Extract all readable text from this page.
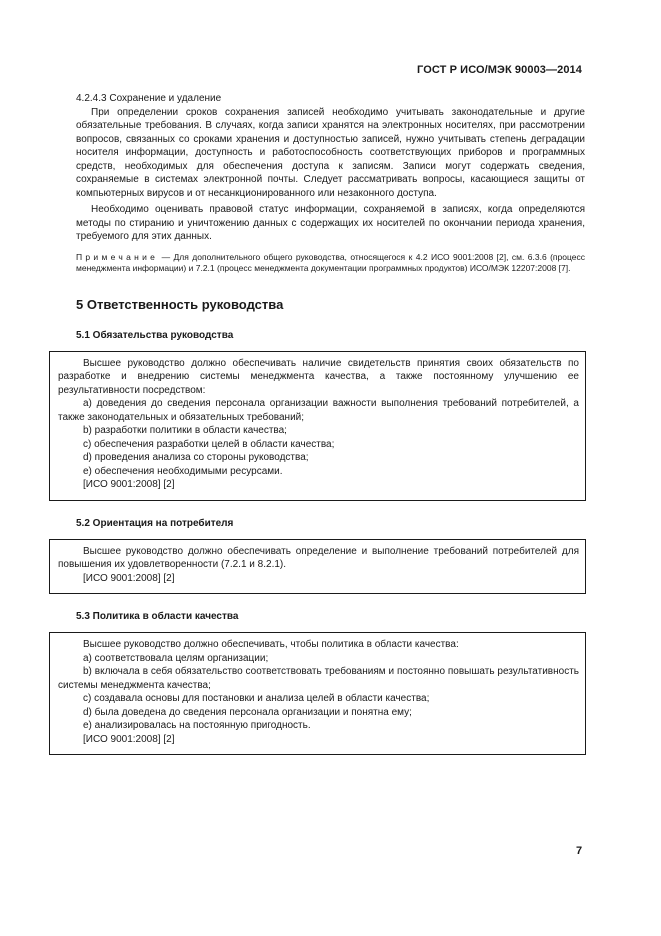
ГОСТ Р ИСО/МЭК 90003—2014

4.2.4.3 Сохранение и удаление

При определении сроков сохранения записей необходимо учитывать законодательные и другие обязательные требования. В случаях, когда записи хранятся на электронных носителях, при рассмотрении вопросов, связанных со сроками хранения и доступностью записей, нужно учитывать степень деградации носителя информации, доступность и работоспособность соответствующих приборов и программных средств, необходимых для обеспечения доступа к записям. Записи могут содержать сведения, сохраняемые в системах электронной почты. Следует рассматривать вопросы, касающиеся защиты от компьютерных вирусов и от несанкционированного или незаконного доступа.

Необходимо оценивать правовой статус информации, сохраняемой в записях, когда определяются методы по стиранию и уничтожению данных с содержащих их носителей по окончании периода хранения, требуемого для этих данных.

Примечание — Для дополнительного общего руководства, относящегося к 4.2 ИСО 9001:2008 [2], см. 6.3.6 (процесс менеджмента информации) и 7.2.1 (процесс менеджмента документации программных продуктов) ИСО/МЭК 12207:2008 [7].

5 Ответственность руководства
5.1 Обязательства руководства

Высшее руководство должно обеспечивать наличие свидетельств принятия своих обязательств по разработке и внедрению системы менеджмента качества, а также постоянному улучшению ее результативности посредством:

а) доведения до сведения персонала организации важности выполнения требований потребителей, а также законодательных и обязательных требований;

b) разработки политики в области качества;

c) обеспечения разработки целей в области качества;

d) проведения анализа со стороны руководства;

e) обеспечения необходимыми ресурсами.

[ИСО 9001:2008] [2]

5.2 Ориентация на потребителя

Высшее руководство должно обеспечивать определение и выполнение требований потребителей для повышения их удовлетворенности (7.2.1 и 8.2.1).

[ИСО 9001:2008] [2]

5.3 Политика в области качества

Высшее руководство должно обеспечивать, чтобы политика в области качества:

а) соответствовала целям организации;

b) включала в себя обязательство соответствовать требованиям и постоянно повышать результативность системы менеджмента качества;

c) создавала основы для постановки и анализа целей в области качества;

d) была доведена до сведения персонала организации и понятна ему;

e) анализировалась на постоянную пригодность.

[ИСО 9001:2008] [2]

7
